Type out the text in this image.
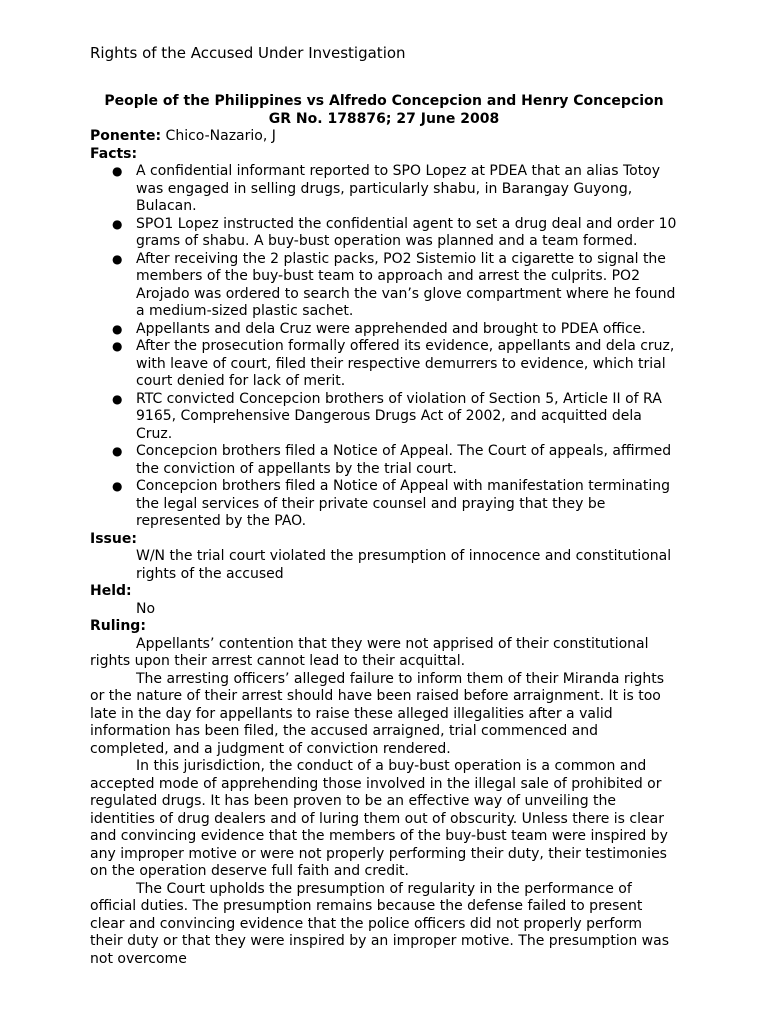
Rights of the Accused Under Investigation
People of the Philippines vs Alfredo Concepcion and Henry Concepcion
GR No. 178876; 27 June 2008
Ponente: Chico-Nazario, J
Facts:
● A confidential informant reported to SPO Lopez at PDEA that an alias Totoy was engaged in selling drugs, particularly shabu, in Barangay Guyong, Bulacan.
● SPO1 Lopez instructed the confidential agent to set a drug deal and order 10 grams of shabu. A buy-bust operation was planned and a team formed.
● After receiving the 2 plastic packs, PO2 Sistemio lit a cigarette to signal the members of the buy-bust team to approach and arrest the culprits. PO2 Arojado was ordered to search the van’s glove compartment where he found a medium-sized plastic sachet.
● Appellants and dela Cruz were apprehended and brought to PDEA office.
● After the prosecution formally offered its evidence, appellants and dela cruz, with leave of court, filed their respective demurrers to evidence, which trial court denied for lack of merit.
● RTC convicted Concepcion brothers of violation of Section 5, Article II of RA 9165, Comprehensive Dangerous Drugs Act of 2002, and acquitted dela Cruz.
● Concepcion brothers filed a Notice of Appeal. The Court of appeals, affirmed the conviction of appellants by the trial court.
● Concepcion brothers filed a Notice of Appeal with manifestation terminating the legal services of their private counsel and praying that they be represented by the PAO.
Issue:
W/N the trial court violated the presumption of innocence and constitutional rights of the accused
Held:
No
Ruling:
Appellants’ contention that they were not apprised of their constitutional rights upon their arrest cannot lead to their acquittal.
The arresting officers’ alleged failure to inform them of their Miranda rights or the nature of their arrest should have been raised before arraignment. It is too late in the day for appellants to raise these alleged illegalities after a valid information has been filed, the accused arraigned, trial commenced and completed, and a judgment of conviction rendered.
In this jurisdiction, the conduct of a buy-bust operation is a common and accepted mode of apprehending those involved in the illegal sale of prohibited or regulated drugs. It has been proven to be an effective way of unveiling the identities of drug dealers and of luring them out of obscurity. Unless there is clear and convincing evidence that the members of the buy-bust team were inspired by any improper motive or were not properly performing their duty, their testimonies on the operation deserve full faith and credit.
The Court upholds the presumption of regularity in the performance of official duties. The presumption remains because the defense failed to present clear and convincing evidence that the police officers did not properly perform their duty or that they were inspired by an improper motive. The presumption was not overcome
